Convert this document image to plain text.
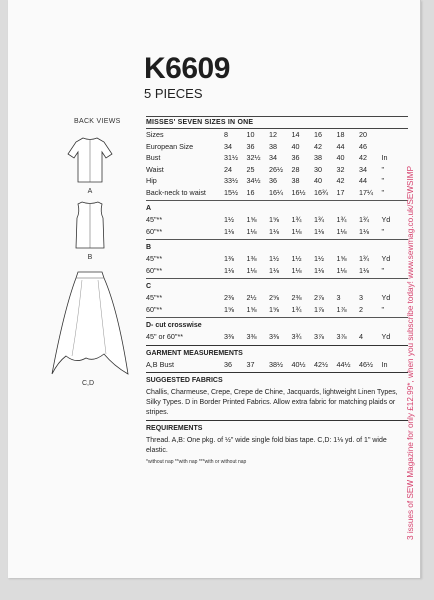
K6609
5 PIECES
BACK VIEWS
A
B
C,D
MISSES' SEVEN SIZES IN ONE
Sizes	8	10	12	14	16	18	20
European Size	34	36	38	40	42	44	46
Bust	31½	32½	34	36	38	40	42	In
Waist	24	25	26½	28	30	32	34	"
Hip	33½	34½	36	38	40	42	44	"
Back-neck to waist	15½	16	16¼	16½	16¾	17	17¼	"
A
45"**	1½	1⅝	1⅝	1¾	1¾	1¾	1¾	Yd
60"**	1⅛	1⅛	1⅛	1⅛	1⅛	1⅛	1⅛	"
B
45"**	1⅜	1⅜	1½	1½	1½	1⅝	1¾	Yd
60"**	1⅛	1⅛	1⅛	1⅛	1⅛	1⅛	1⅛	"
C
45"**	2⅜	2½	2⅝	2⅜	2⅞	3	3	Yd
60"**	1⅝	1⅝	1⅝	1¾	1⅞	1⅞	2	"
D- cut crosswise
45" or 60"**	3⅜	3⅜	3⅜	3¾	3⅞	3⅞	4	Yd
GARMENT MEASUREMENTS
A,B Bust	36	37	38½	40½	42½	44½	46½	In
SUGGESTED FABRICS
Challis, Charmeuse, Crepe, Crepe de Chine, Jacquards, lightweight Linen Types, Silky Types. D in Border Printed Fabrics. Allow extra fabric for matching plaids or stripes.
REQUIREMENTS
Thread. A,B: One pkg. of ½" wide single fold bias tape. C,D: 1⅛ yd. of 1" wide elastic.
*without nap **with nap ***with or without nap	3 issues of SEW Magazine for only £12.99*, when you subscribe today! www.sewmag.co.uk/SEWSIMP
